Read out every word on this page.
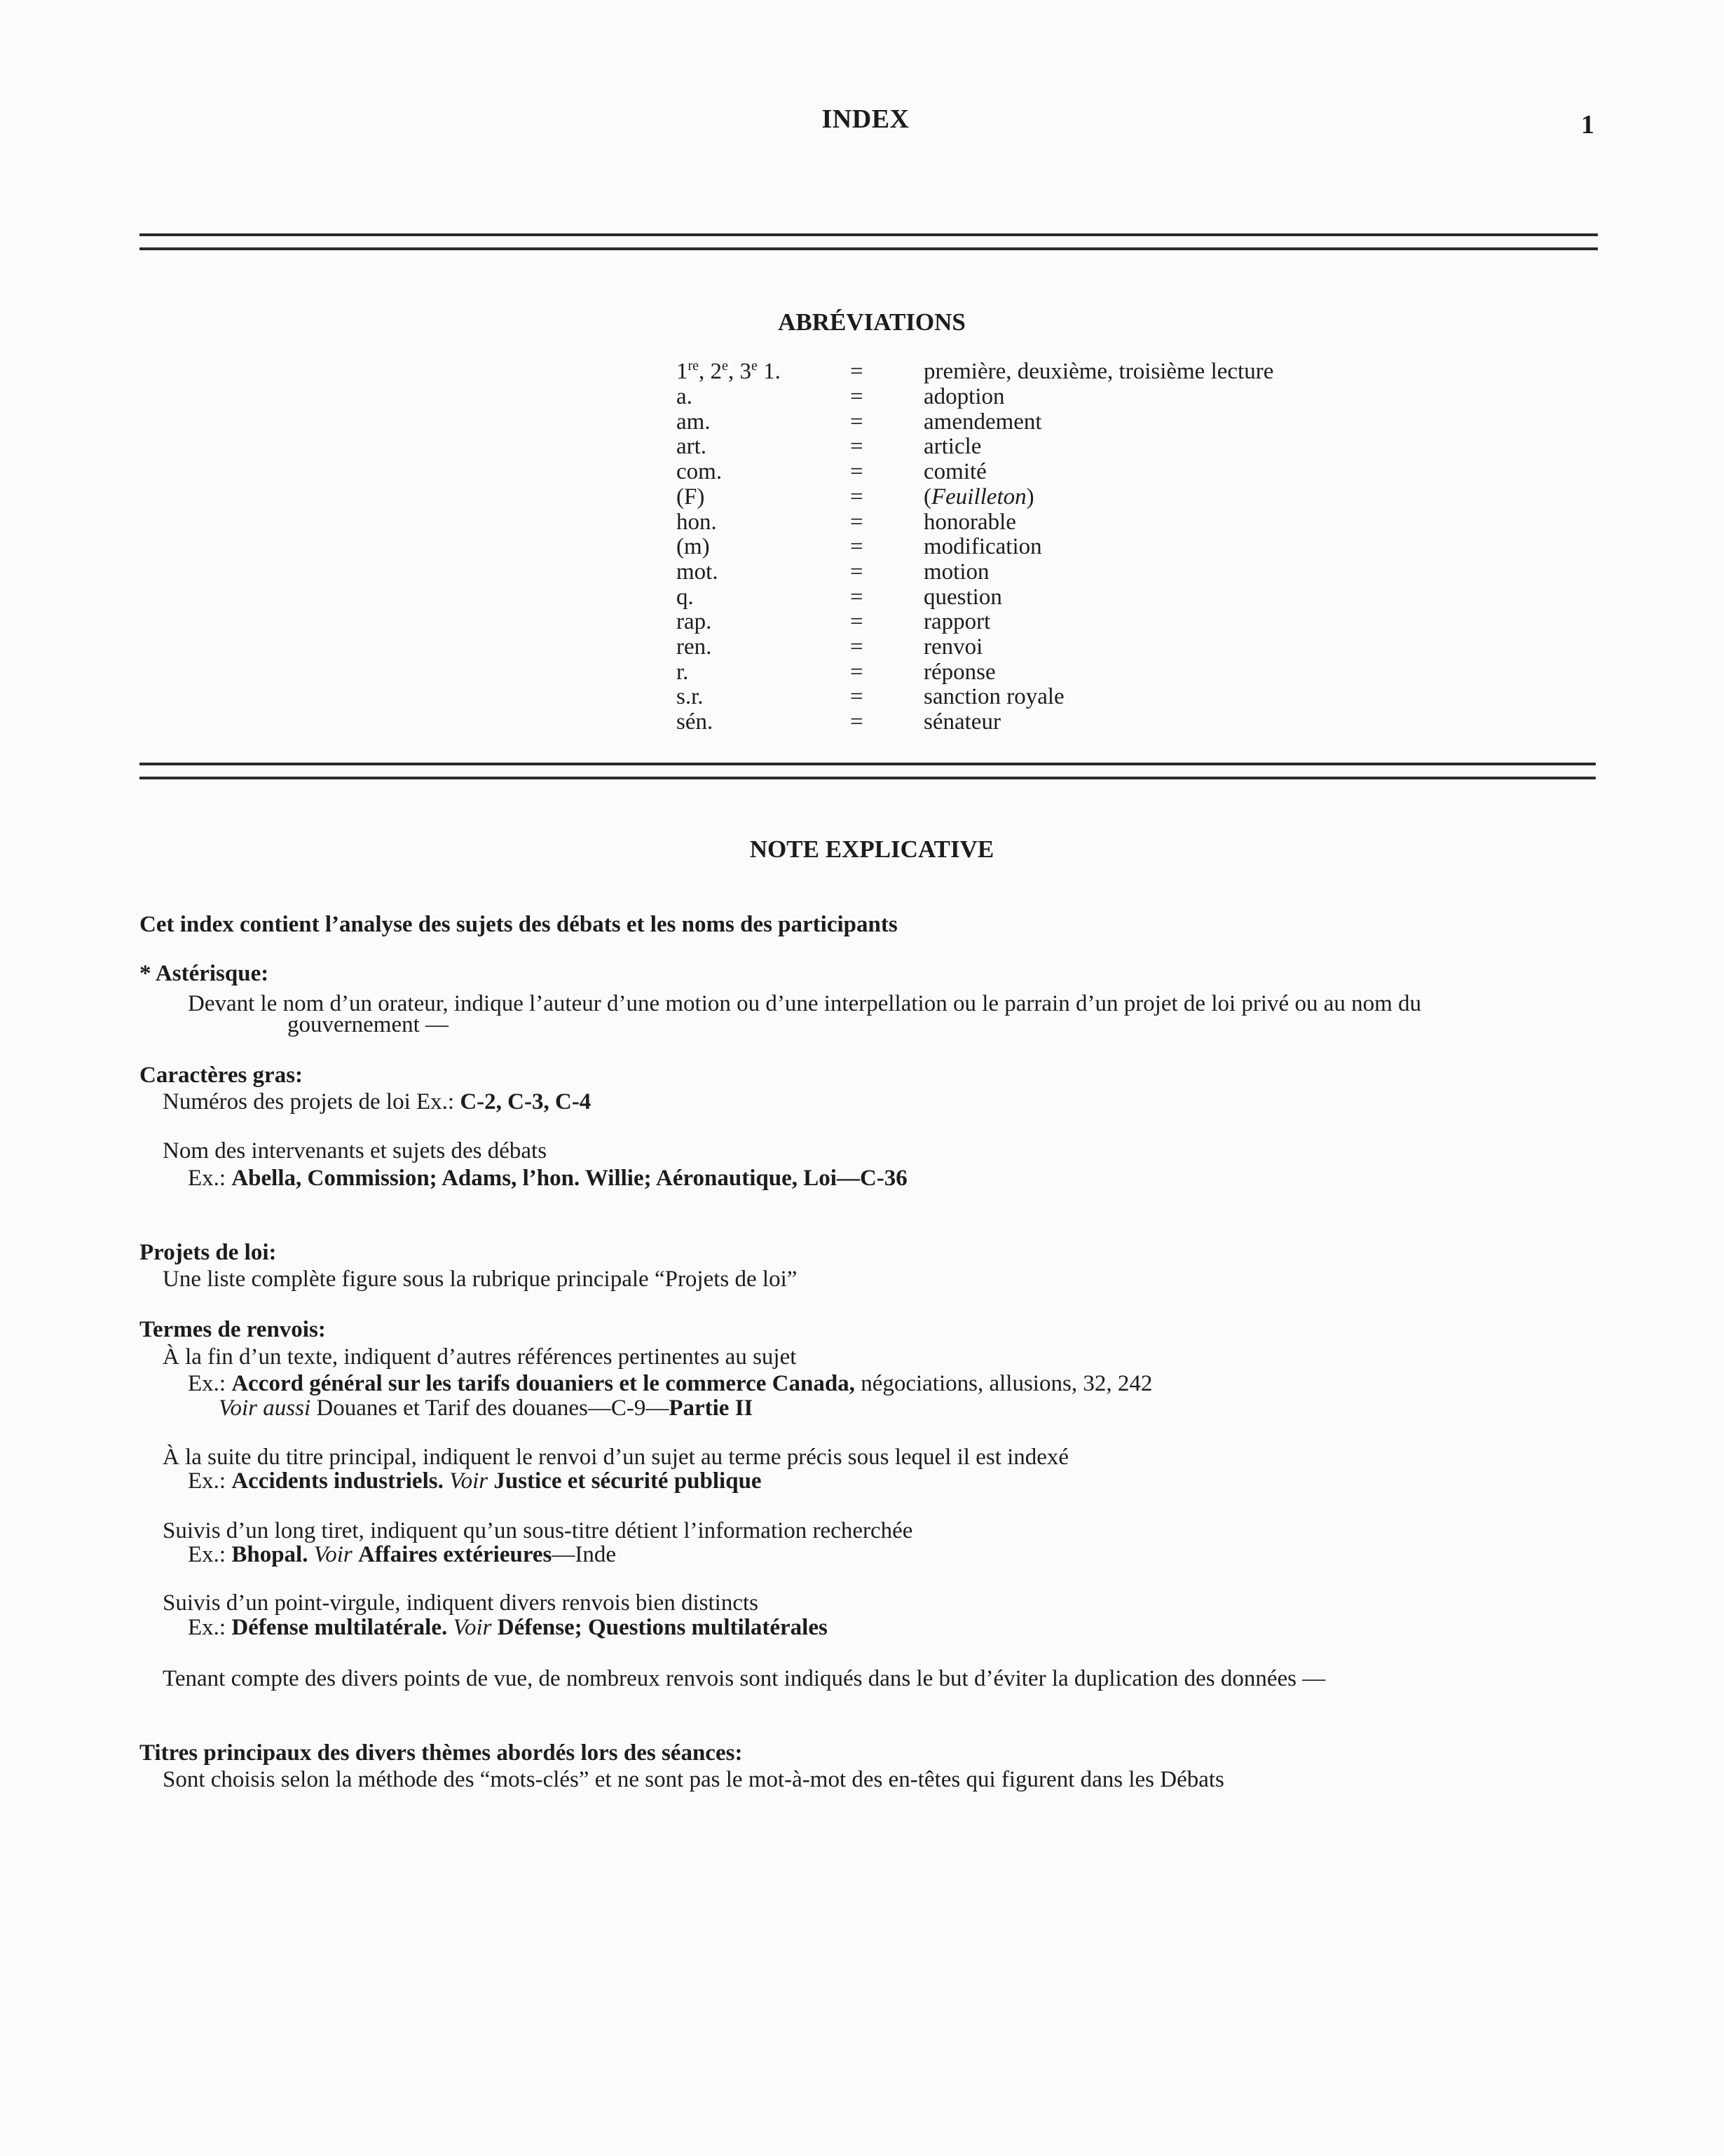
INDEX	1
ABRÉVIATIONS
1re, 2e, 3e 1.	=	première, deuxième, troisième lecture
a.	=	adoption
am.	=	amendement
art.	=	article
com.	=	comité
(F)	=	(Feuilleton)
hon.	=	honorable
(m)	=	modification
mot.	=	motion
q.	=	question
rap.	=	rapport
ren.	=	renvoi
r.	=	réponse
s.r.	=	sanction royale
sén.	=	sénateur
NOTE EXPLICATIVE
Cet index contient l’analyse des sujets des débats et les noms des participants
* Astérisque:
Devant le nom d’un orateur, indique l’auteur d’une motion ou d’une interpellation ou le parrain d’un projet de loi privé ou au nom du
gouvernement —
Caractères gras:
Numéros des projets de loi Ex.: C-2, C-3, C-4
Nom des intervenants et sujets des débats
Ex.: Abella, Commission; Adams, l’hon. Willie; Aéronautique, Loi—C-36
Projets de loi:
Une liste complète figure sous la rubrique principale “Projets de loi”
Termes de renvois:
À la fin d’un texte, indiquent d’autres références pertinentes au sujet
Ex.: Accord général sur les tarifs douaniers et le commerce Canada, négociations, allusions, 32, 242
Voir aussi Douanes et Tarif des douanes—C-9—Partie II
À la suite du titre principal, indiquent le renvoi d’un sujet au terme précis sous lequel il est indexé
Ex.: Accidents industriels. Voir Justice et sécurité publique
Suivis d’un long tiret, indiquent qu’un sous-titre détient l’information recherchée
Ex.: Bhopal. Voir Affaires extérieures—Inde
Suivis d’un point-virgule, indiquent divers renvois bien distincts
Ex.: Défense multilatérale. Voir Défense; Questions multilatérales
Tenant compte des divers points de vue, de nombreux renvois sont indiqués dans le but d’éviter la duplication des données —
Titres principaux des divers thèmes abordés lors des séances:
Sont choisis selon la méthode des “mots-clés” et ne sont pas le mot-à-mot des en-têtes qui figurent dans les Débats
